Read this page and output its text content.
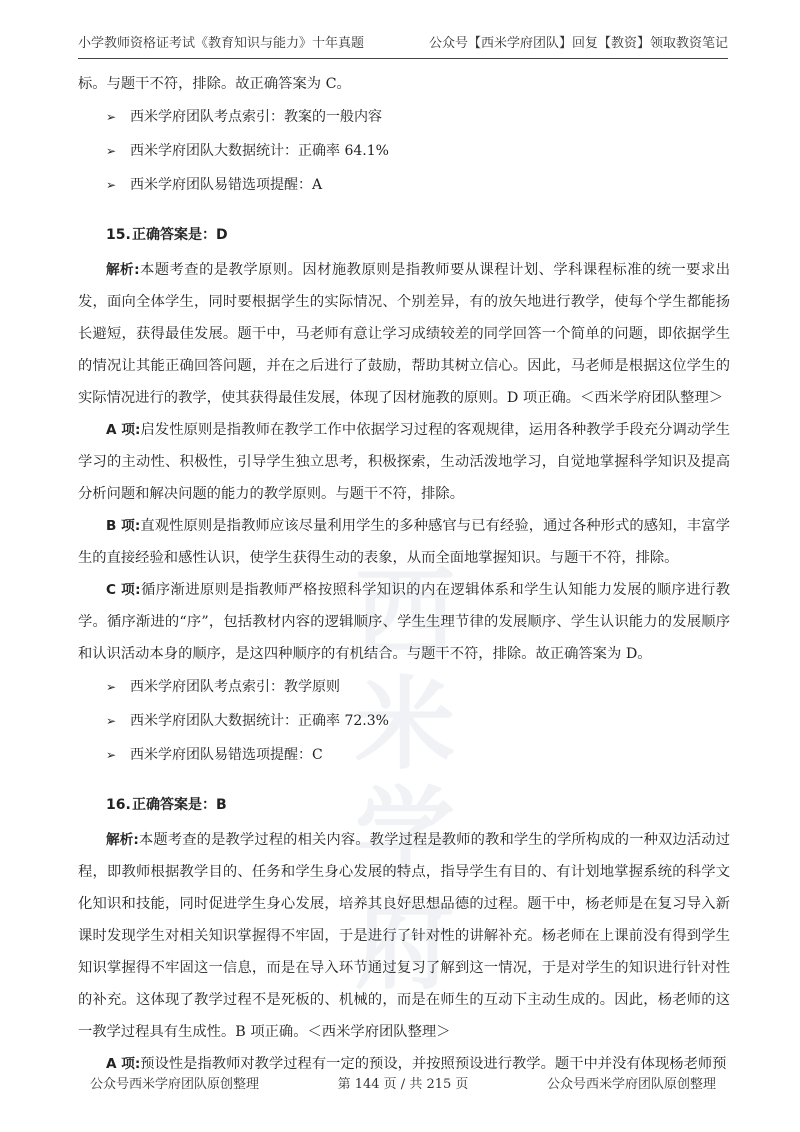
小学教师资格证考试《教育知识与能力》十年真题	公众号【西米学府团队】回复【教资】领取教资笔记
西米学府

标。与题干不符，排除。故正确答案为 C。

➢ 西米学府团队考点索引：教案的一般内容
➢ 西米学府团队大数据统计：正确率 64.1%
➢ 西米学府团队易错选项提醒：A

15.正确答案是：D

解析:本题考查的是教学原则。因材施教原则是指教师要从课程计划、学科课程标准的统一要求出发，面向全体学生，同时要根据学生的实际情况、个别差异，有的放矢地进行教学，使每个学生都能扬长避短，获得最佳发展。题干中，马老师有意让学习成绩较差的同学回答一个简单的问题，即依据学生的情况让其能正确回答问题，并在之后进行了鼓励，帮助其树立信心。因此，马老师是根据这位学生的实际情况进行的教学，使其获得最佳发展，体现了因材施教的原则。D 项正确。＜西米学府团队整理＞

A 项:启发性原则是指教师在教学工作中依据学习过程的客观规律，运用各种教学手段充分调动学生学习的主动性、积极性，引导学生独立思考，积极探索，生动活泼地学习，自觉地掌握科学知识及提高分析问题和解决问题的能力的教学原则。与题干不符，排除。

B 项:直观性原则是指教师应该尽量利用学生的多种感官与已有经验，通过各种形式的感知，丰富学生的直接经验和感性认识，使学生获得生动的表象，从而全面地掌握知识。与题干不符，排除。

C 项:循序渐进原则是指教师严格按照科学知识的内在逻辑体系和学生认知能力发展的顺序进行教学。循序渐进的“序”，包括教材内容的逻辑顺序、学生生理节律的发展顺序、学生认识能力的发展顺序和认识活动本身的顺序，是这四种顺序的有机结合。与题干不符，排除。故正确答案为 D。

➢ 西米学府团队考点索引：教学原则
➢ 西米学府团队大数据统计：正确率 72.3%
➢ 西米学府团队易错选项提醒：C

16.正确答案是：B

解析:本题考查的是教学过程的相关内容。教学过程是教师的教和学生的学所构成的一种双边活动过程，即教师根据教学目的、任务和学生身心发展的特点，指导学生有目的、有计划地掌握系统的科学文化知识和技能，同时促进学生身心发展，培养其良好思想品德的过程。题干中，杨老师是在复习导入新课时发现学生对相关知识掌握得不牢固，于是进行了针对性的讲解补充。杨老师在上课前没有得到学生知识掌握得不牢固这一信息，而是在导入环节通过复习了解到这一情况，于是对学生的知识进行针对性的补充。这体现了教学过程不是死板的、机械的，而是在师生的互动下主动生成的。因此，杨老师的这一教学过程具有生成性。B 项正确。＜西米学府团队整理＞

A 项:预设性是指教师对教学过程有一定的预设，并按照预设进行教学。题干中并没有体现杨老师预

公众号西米学府团队原创整理	第 144 页 / 共 215 页	公众号西米学府团队原创整理
